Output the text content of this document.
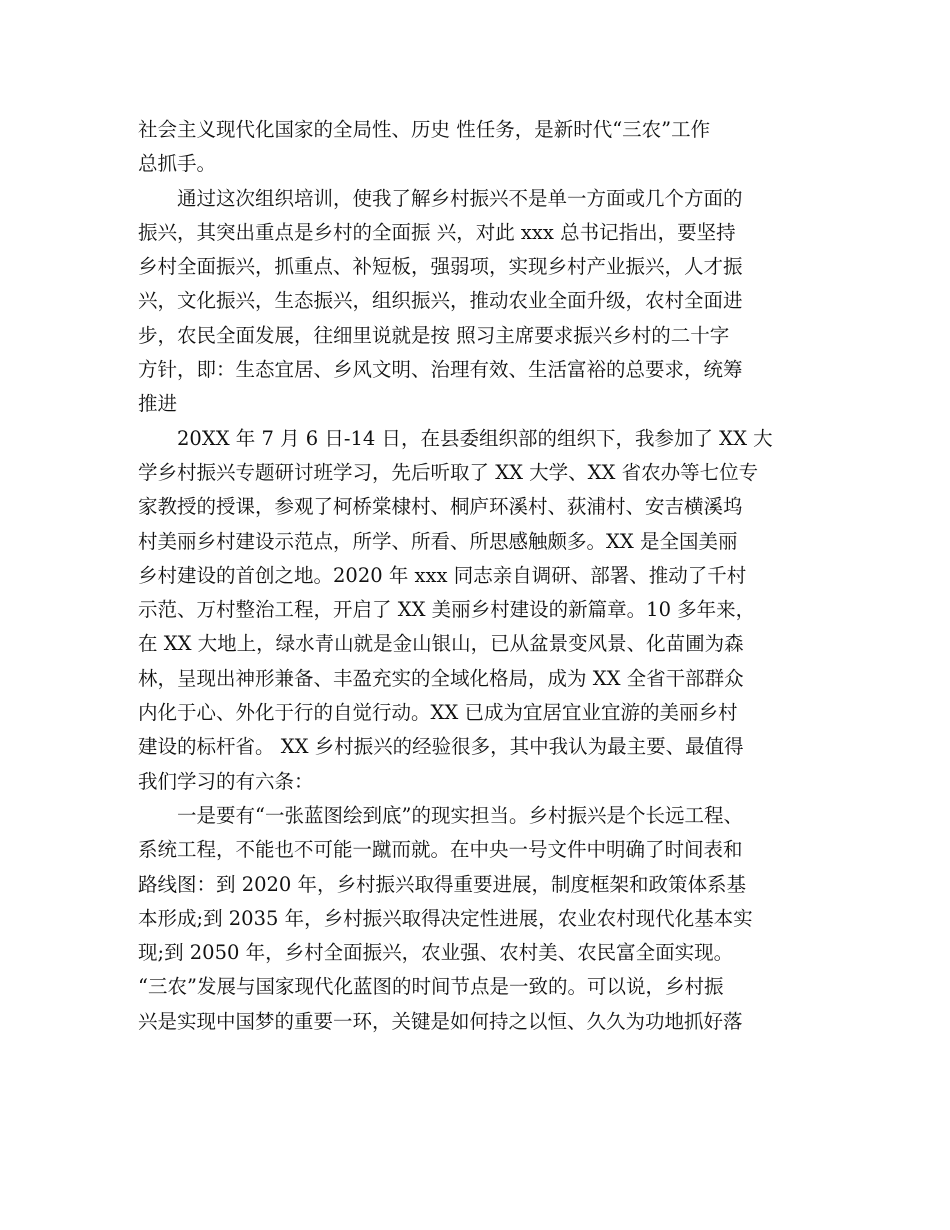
社会主义现代化国家的全局性、历史 性任务，是新时代“三农”工作

总抓手。

　　通过这次组织培训，使我了解乡村振兴不是单一方面或几个方面的

振兴，其突出重点是乡村的全面振 兴，对此 xxx 总书记指出，要坚持

乡村全面振兴，抓重点、补短板，强弱项，实现乡村产业振兴，人才振

兴，文化振兴，生态振兴，组织振兴，推动农业全面升级，农村全面进

步，农民全面发展，往细里说就是按 照习主席要求振兴乡村的二十字

方针，即：生态宜居、乡风文明、治理有效、生活富裕的总要求，统筹

推进

　　20XX 年 7 月 6 日-14 日，在县委组织部的组织下，我参加了 XX 大

学乡村振兴专题研讨班学习，先后听取了 XX 大学、XX 省农办等七位专

家教授的授课，参观了柯桥棠棣村、桐庐环溪村、荻浦村、安吉横溪坞

村美丽乡村建设示范点，所学、所看、所思感触颇多。XX 是全国美丽

乡村建设的首创之地。2020 年 xxx 同志亲自调研、部署、推动了千村

示范、万村整治工程，开启了 XX 美丽乡村建设的新篇章。10 多年来，

在 XX 大地上，绿水青山就是金山银山，已从盆景变风景、化苗圃为森

林，呈现出神形兼备、丰盈充实的全域化格局，成为 XX 全省干部群众

内化于心、外化于行的自觉行动。XX 已成为宜居宜业宜游的美丽乡村

建设的标杆省。 XX 乡村振兴的经验很多，其中我认为最主要、最值得

我们学习的有六条：

　　一是要有“一张蓝图绘到底”的现实担当。乡村振兴是个长远工程、

系统工程，不能也不可能一蹴而就。在中央一号文件中明确了时间表和

路线图：到 2020 年，乡村振兴取得重要进展，制度框架和政策体系基

本形成;到 2035 年，乡村振兴取得决定性进展，农业农村现代化基本实

现;到 2050 年，乡村全面振兴，农业强、农村美、农民富全面实现。

“三农”发展与国家现代化蓝图的时间节点是一致的。可以说，乡村振

兴是实现中国梦的重要一环，关键是如何持之以恒、久久为功地抓好落
